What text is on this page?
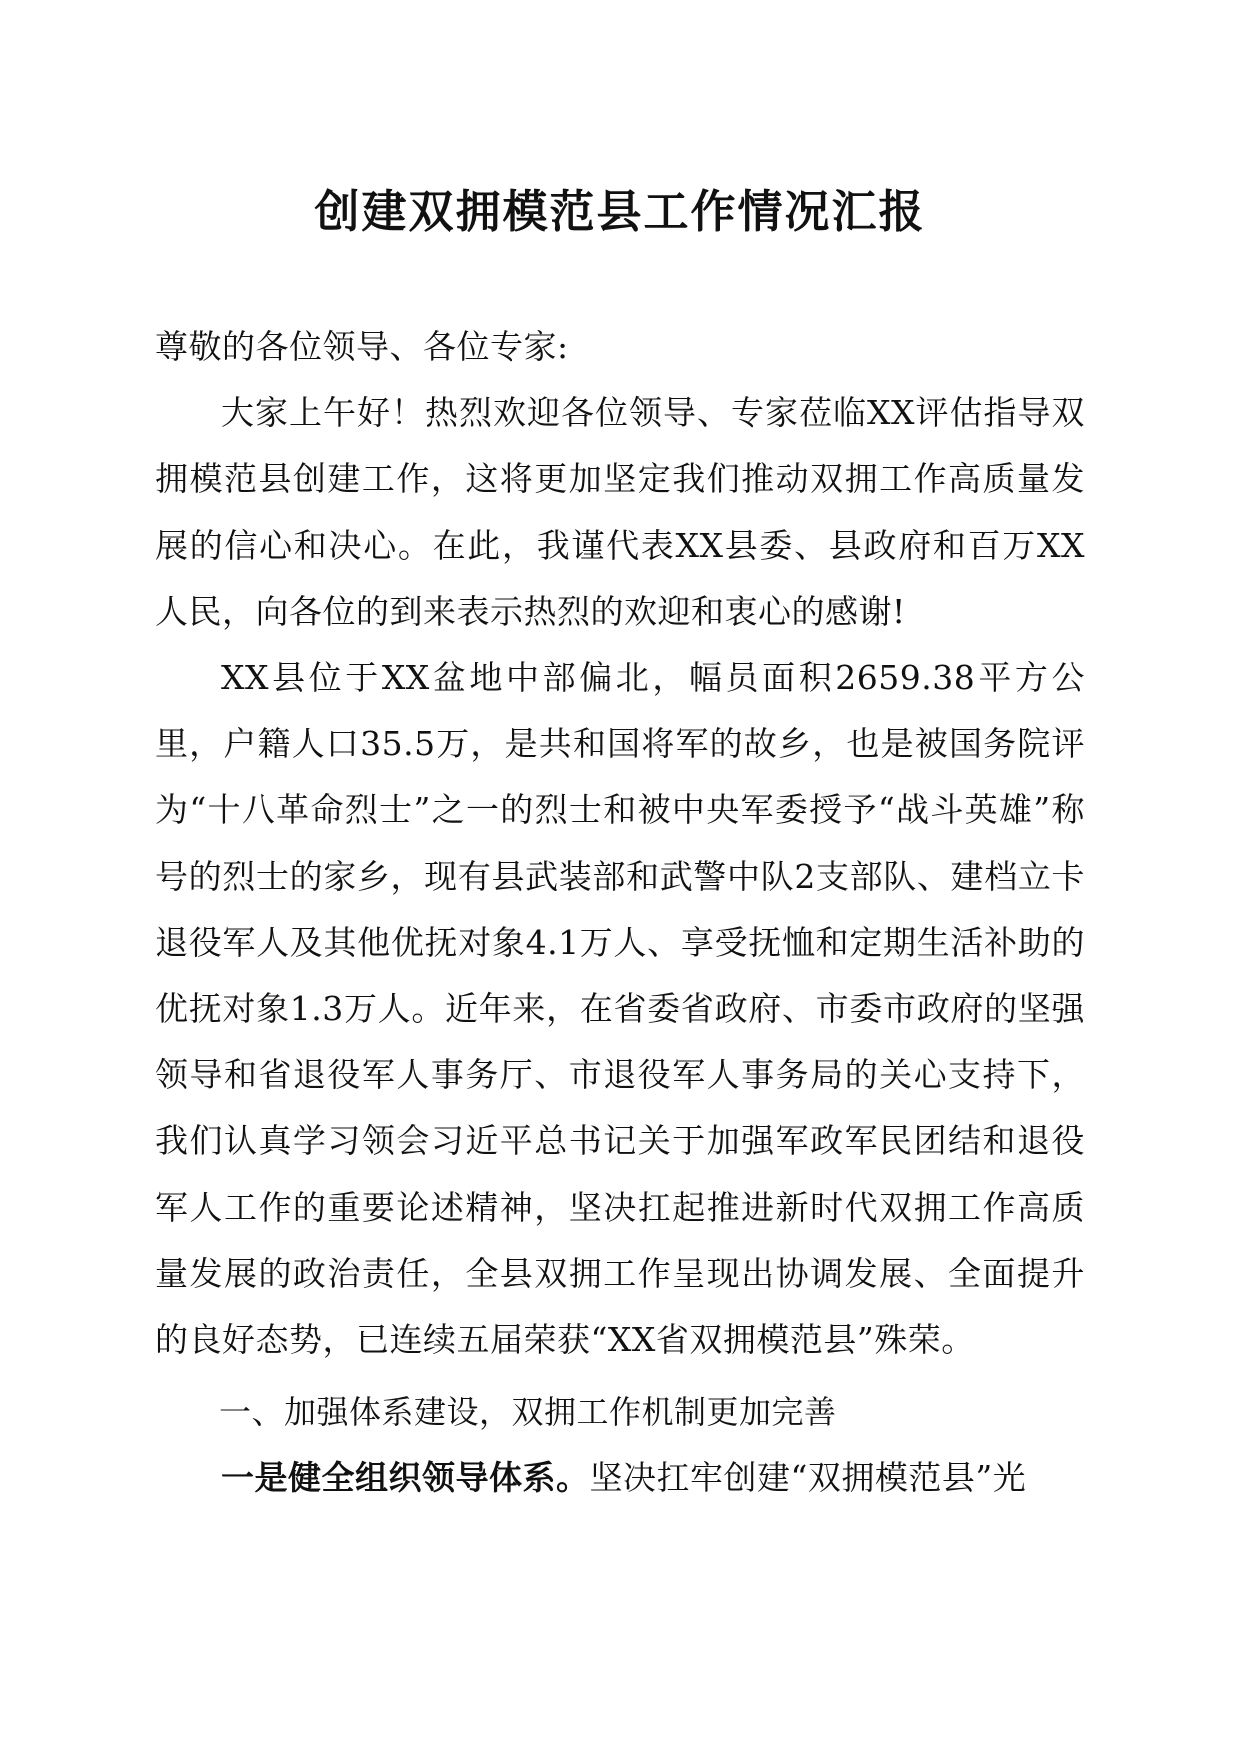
创建双拥模范县工作情况汇报

尊敬的各位领导、各位专家:

大家上午好！热烈欢迎各位领导、专家莅临XX评估指导双拥模范县创建工作，这将更加坚定我们推动双拥工作高质量发展的信心和决心。在此，我谨代表XX县委、县政府和百万XX人民，向各位的到来表示热烈的欢迎和衷心的感谢!

XX县位于XX盆地中部偏北，幅员面积2659.38平方公里，户籍人口35.5万，是共和国将军的故乡，也是被国务院评为“十八革命烈士”之一的烈士和被中央军委授予“战斗英雄”称号的烈士的家乡，现有县武装部和武警中队2支部队、建档立卡退役军人及其他优抚对象4.1万人、享受抚恤和定期生活补助的优抚对象1.3万人。近年来，在省委省政府、市委市政府的坚强领导和省退役军人事务厅、市退役军人事务局的关心支持下，我们认真学习领会习近平总书记关于加强军政军民团结和退役军人工作的重要论述精神，坚决扛起推进新时代双拥工作高质量发展的政治责任，全县双拥工作呈现出协调发展、全面提升的良好态势，已连续五届荣获“XX省双拥模范县”殊荣。

一、加强体系建设，双拥工作机制更加完善

一是健全组织领导体系。坚决扛牢创建“双拥模范县”光
